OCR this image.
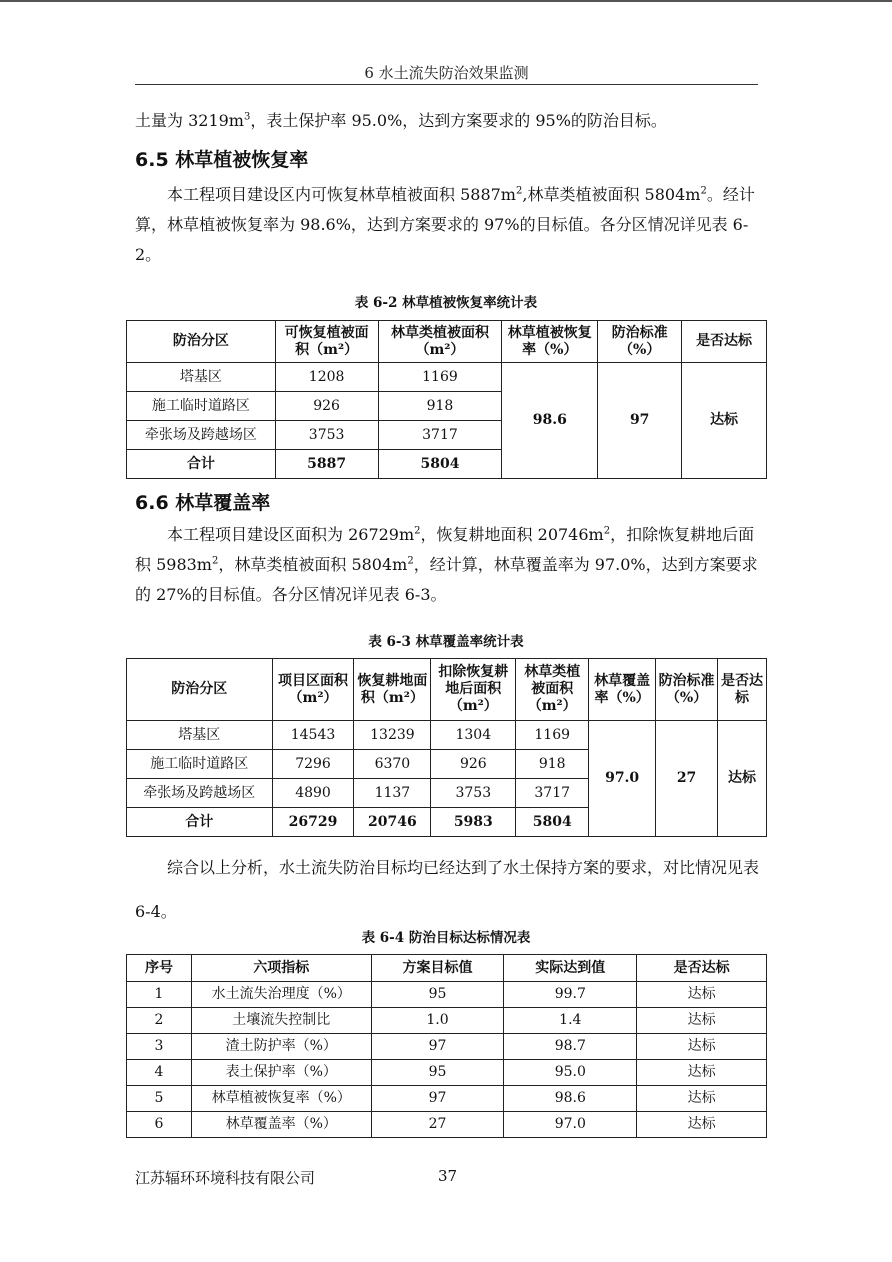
6 水土流失防治效果监测

土量为 $3219m^3$，表土保护率 95.0%，达到方案要求的 95%的防治目标。

6.5 林草植被恢复率

本工程项目建设区内可恢复林草植被面积 $5887m^2$,林草类植被面积 $5804m^2$。经计算，林草植被恢复率为 98.6%，达到方案要求的 97%的目标值。各分区情况详见表 6-2。

表 6-2 林草植被恢复率统计表
防治分区	可恢复植被面积（m²）	林草类植被面积（m²）	林草植被恢复率（%）	防治标准（%）	是否达标
塔基区	1208	1169	98.6	97	达标
施工临时道路区	926	918			
牵张场及跨越场区	3753	3717			
合计	5887	5804			
6.6 林草覆盖率

本工程项目建设区面积为 $26729m^2$，恢复耕地面积 $20746m^2$，扣除恢复耕地后面积 $5983m^2$，林草类植被面积 $5804m^2$，经计算，林草覆盖率为 97.0%，达到方案要求的 27%的目标值。各分区情况详见表 6-3。

表 6-3 林草覆盖率统计表
防治分区	项目区面积（m²）	恢复耕地面积（m²）	扣除恢复耕地后面积（m²）	林草类植被面积（m²）	林草覆盖率（%）	防治标准（%）	是否达标
塔基区	14543	13239	1304	1169	97.0	27	达标
施工临时道路区	7296	6370	926	918			
牵张场及跨越场区	4890	1137	3753	3717			
合计	26729	20746	5983	5804			

综合以上分析，水土流失防治目标均已经达到了水土保持方案的要求，对比情况见表 6-4。

表 6-4 防治目标达标情况表
序号	六项指标	方案目标值	实际达到值	是否达标
1	水土流失治理度（%）	95	99.7	达标
2	土壤流失控制比	1.0	1.4	达标
3	渣土防护率（%）	97	98.7	达标
4	表土保护率（%）	95	95.0	达标
5	林草植被恢复率（%）	97	98.6	达标
6	林草覆盖率（%）	27	97.0	达标
江苏辐环环境科技有限公司	37
